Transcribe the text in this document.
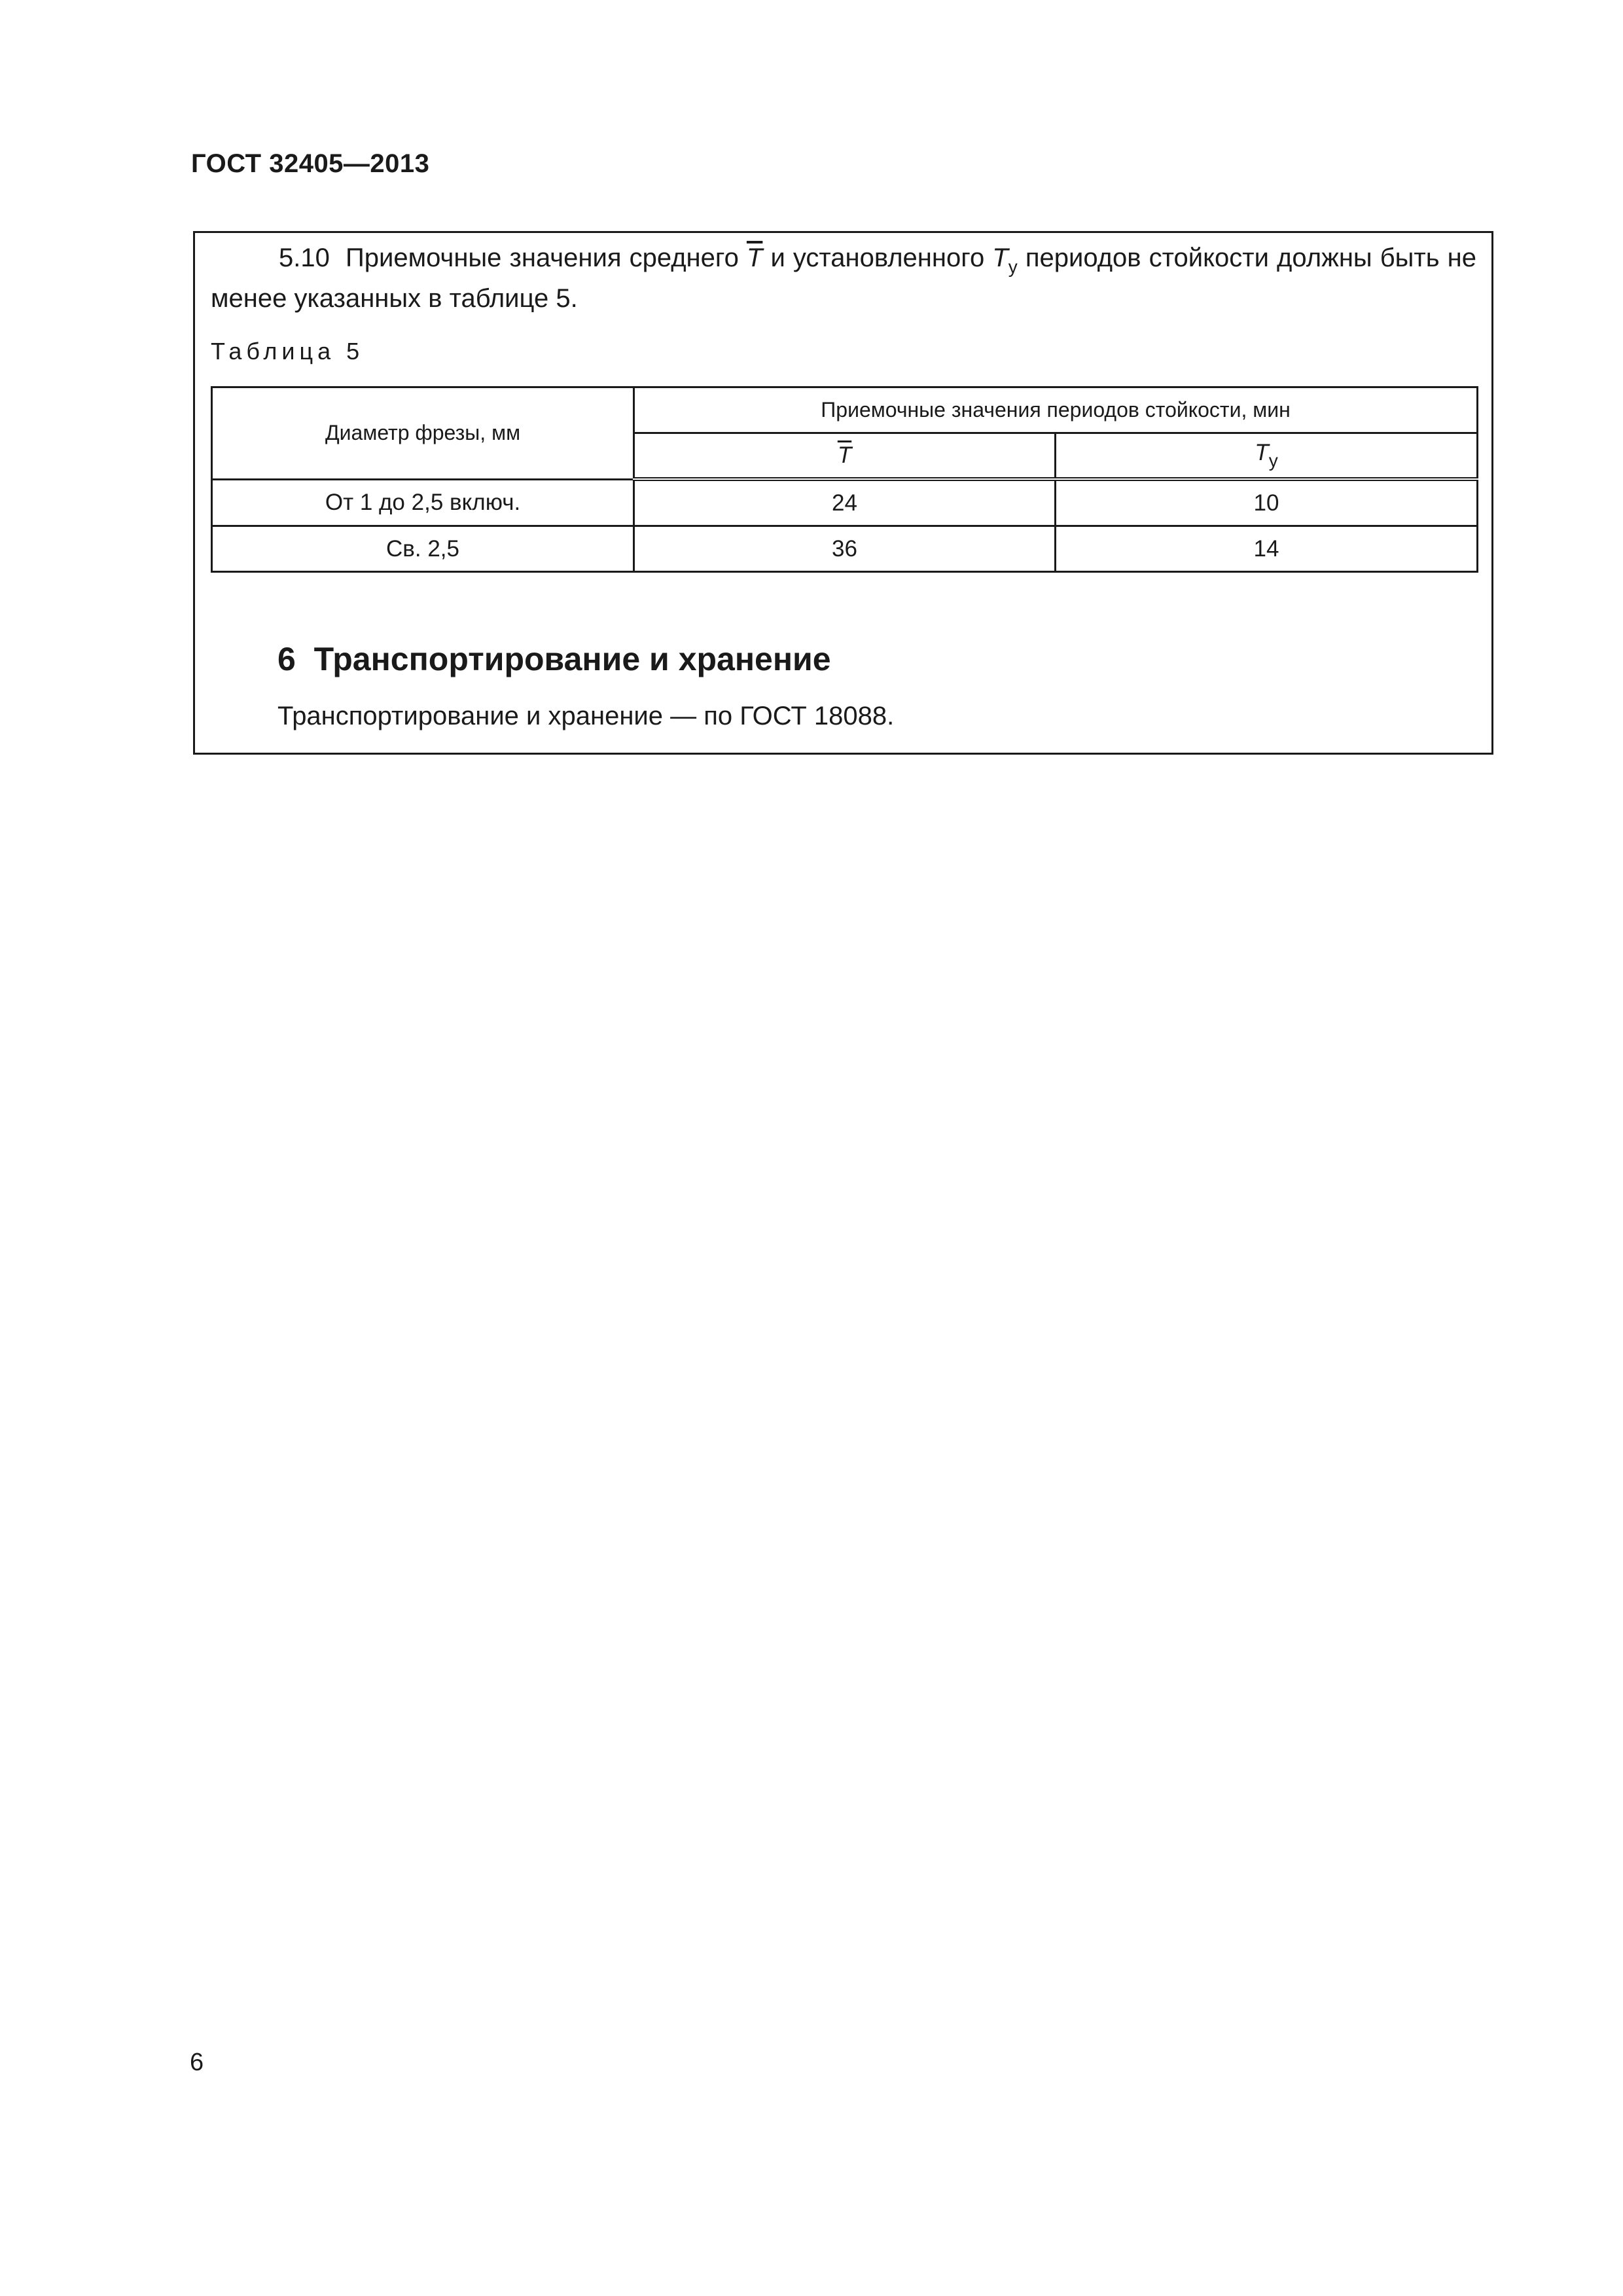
ГОСТ 32405—2013
5.10 Приемочные значения среднего $\overline{T}$ и установленного $T_у$ периодов стойкости должны быть не менее указанных в таблице 5.
Таблица 5
Диаметр фрезы, мм	Приемочные значения периодов стойкости, мин	
	$\overline{T}$	$T_у$
От 1 до 2,5 включ.	24	10
Св. 2,5	36	14
6 Транспортирование и хранение
Транспортирование и хранение — по ГОСТ 18088.
6
